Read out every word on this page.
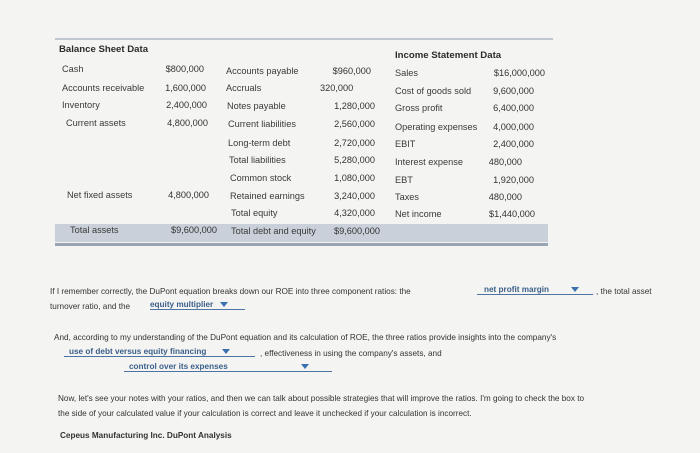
Balance Sheet Data
Income Statement Data
Cash	$800,000
Accounts receivable	1,600,000
Inventory	2,400,000
Current assets	4,800,000
Net fixed assets	4,800,000
Total assets	$9,600,000
Accounts payable	$960,000
Accruals	320,000
Notes payable	1,280,000
Current liabilities	2,560,000
Long-term debt	2,720,000
Total liabilities	5,280,000
Common stock	1,080,000
Retained earnings	3,240,000
Total equity	4,320,000
Total debt and equity	$9,600,000
Sales	$16,000,000
Cost of goods sold	9,600,000
Gross profit	6,400,000
Operating expenses	4,000,000
EBIT	2,400,000
Interest expense	480,000
EBT	1,920,000
Taxes	480,000
Net income	$1,440,000
If I remember correctly, the DuPont equation breaks down our ROE into three component ratios: the	net profit margin	, the total asset
turnover ratio, and the equity multiplier
And, according to my understanding of the DuPont equation and its calculation of ROE, the three ratios provide insights into the company's
use of debt versus equity financing	, effectiveness in using the company's assets, and
control over its expenses
Now, let's see your notes with your ratios, and then we can talk about possible strategies that will improve the ratios. I'm going to check the box to
the side of your calculated value if your calculation is correct and leave it unchecked if your calculation is incorrect.
Cepeus Manufacturing Inc. DuPont Analysis
